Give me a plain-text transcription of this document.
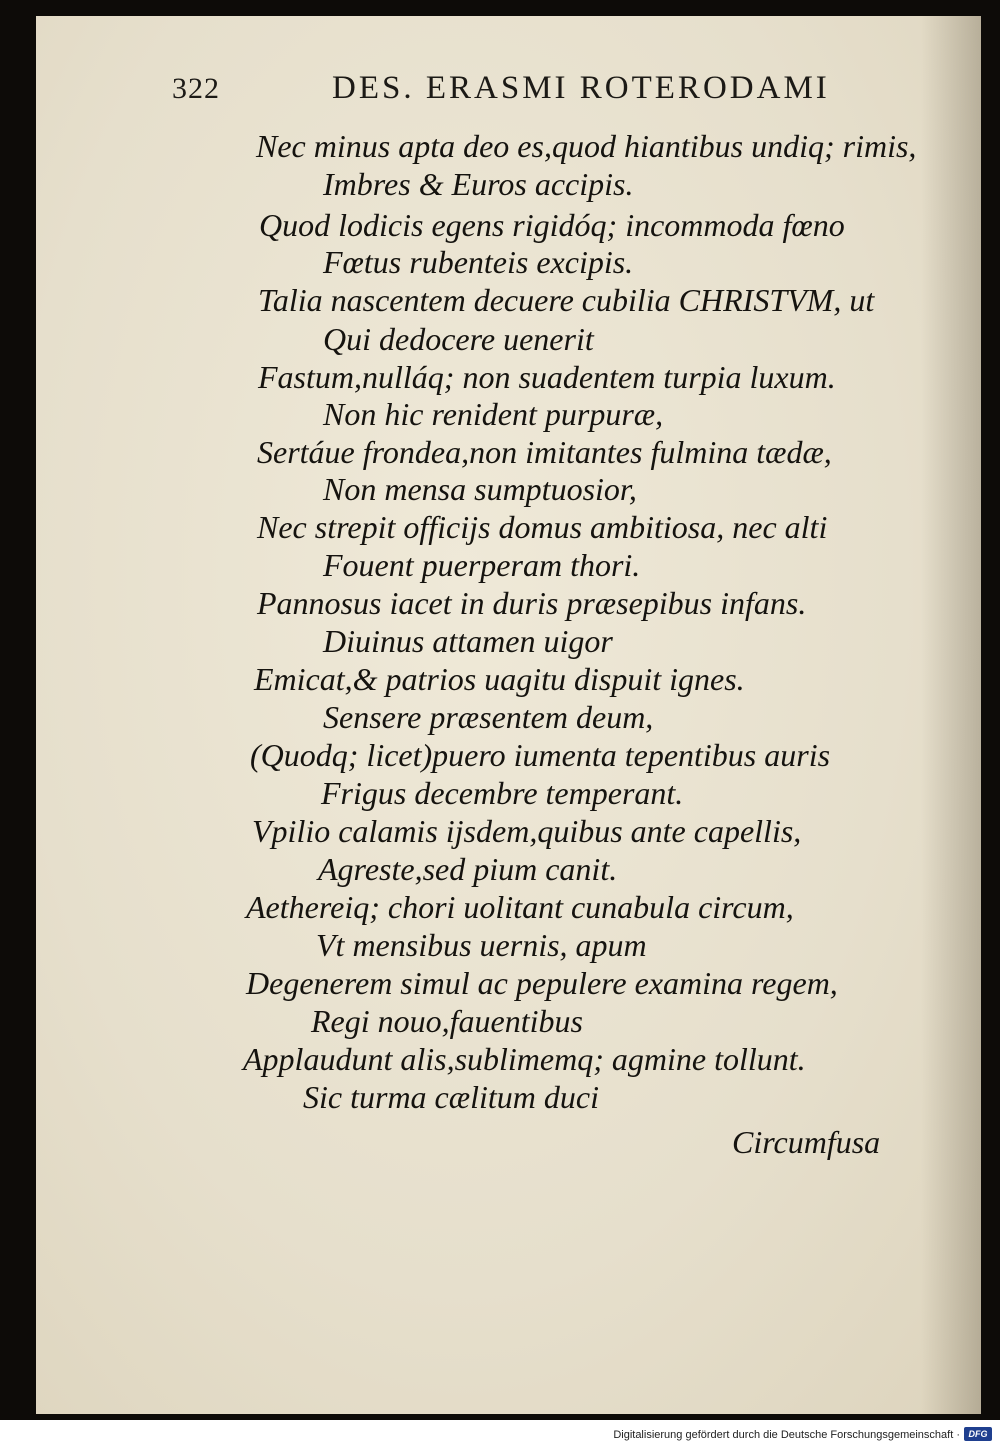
322	DES. ERASMI ROTERODAMI
Nec minus apta deo es,quod hiantibus undiq; rimis,
Imbres & Euros accipis.
Quod lodicis egens rigidóq; incommoda fœno
Fœtus rubenteis excipis.
Talia nascentem decuere cubilia CHRISTVM, ut
Qui dedocere uenerit
Fastum,nulláq; non suadentem turpia luxum.
Non hic renident purpuræ,
Sertáue frondea,non imitantes fulmina tædæ,
Non mensa sumptuosior,
Nec strepit officijs domus ambitiosa, nec alti
Fouent puerperam thori.
Pannosus iacet in duris præsepibus infans.
Diuinus attamen uigor
Emicat,& patrios uagitu dispuit ignes.
Sensere præsentem deum,
(Quodq; licet)puero iumenta tepentibus auris
Frigus decembre temperant.
Vpilio calamis ijsdem,quibus ante capellis,
Agreste,sed pium canit.
Aethereiq; chori uolitant cunabula circum,
Vt mensibus uernis, apum
Degenerem simul ac pepulere examina regem,
Regi nouo,fauentibus
Applaudunt alis,sublimemq; agmine tollunt.
Sic turma cælitum duci
Circumfusa
Digitalisierung gefördert durch die Deutsche Forschungsgemeinschaft · DFG
